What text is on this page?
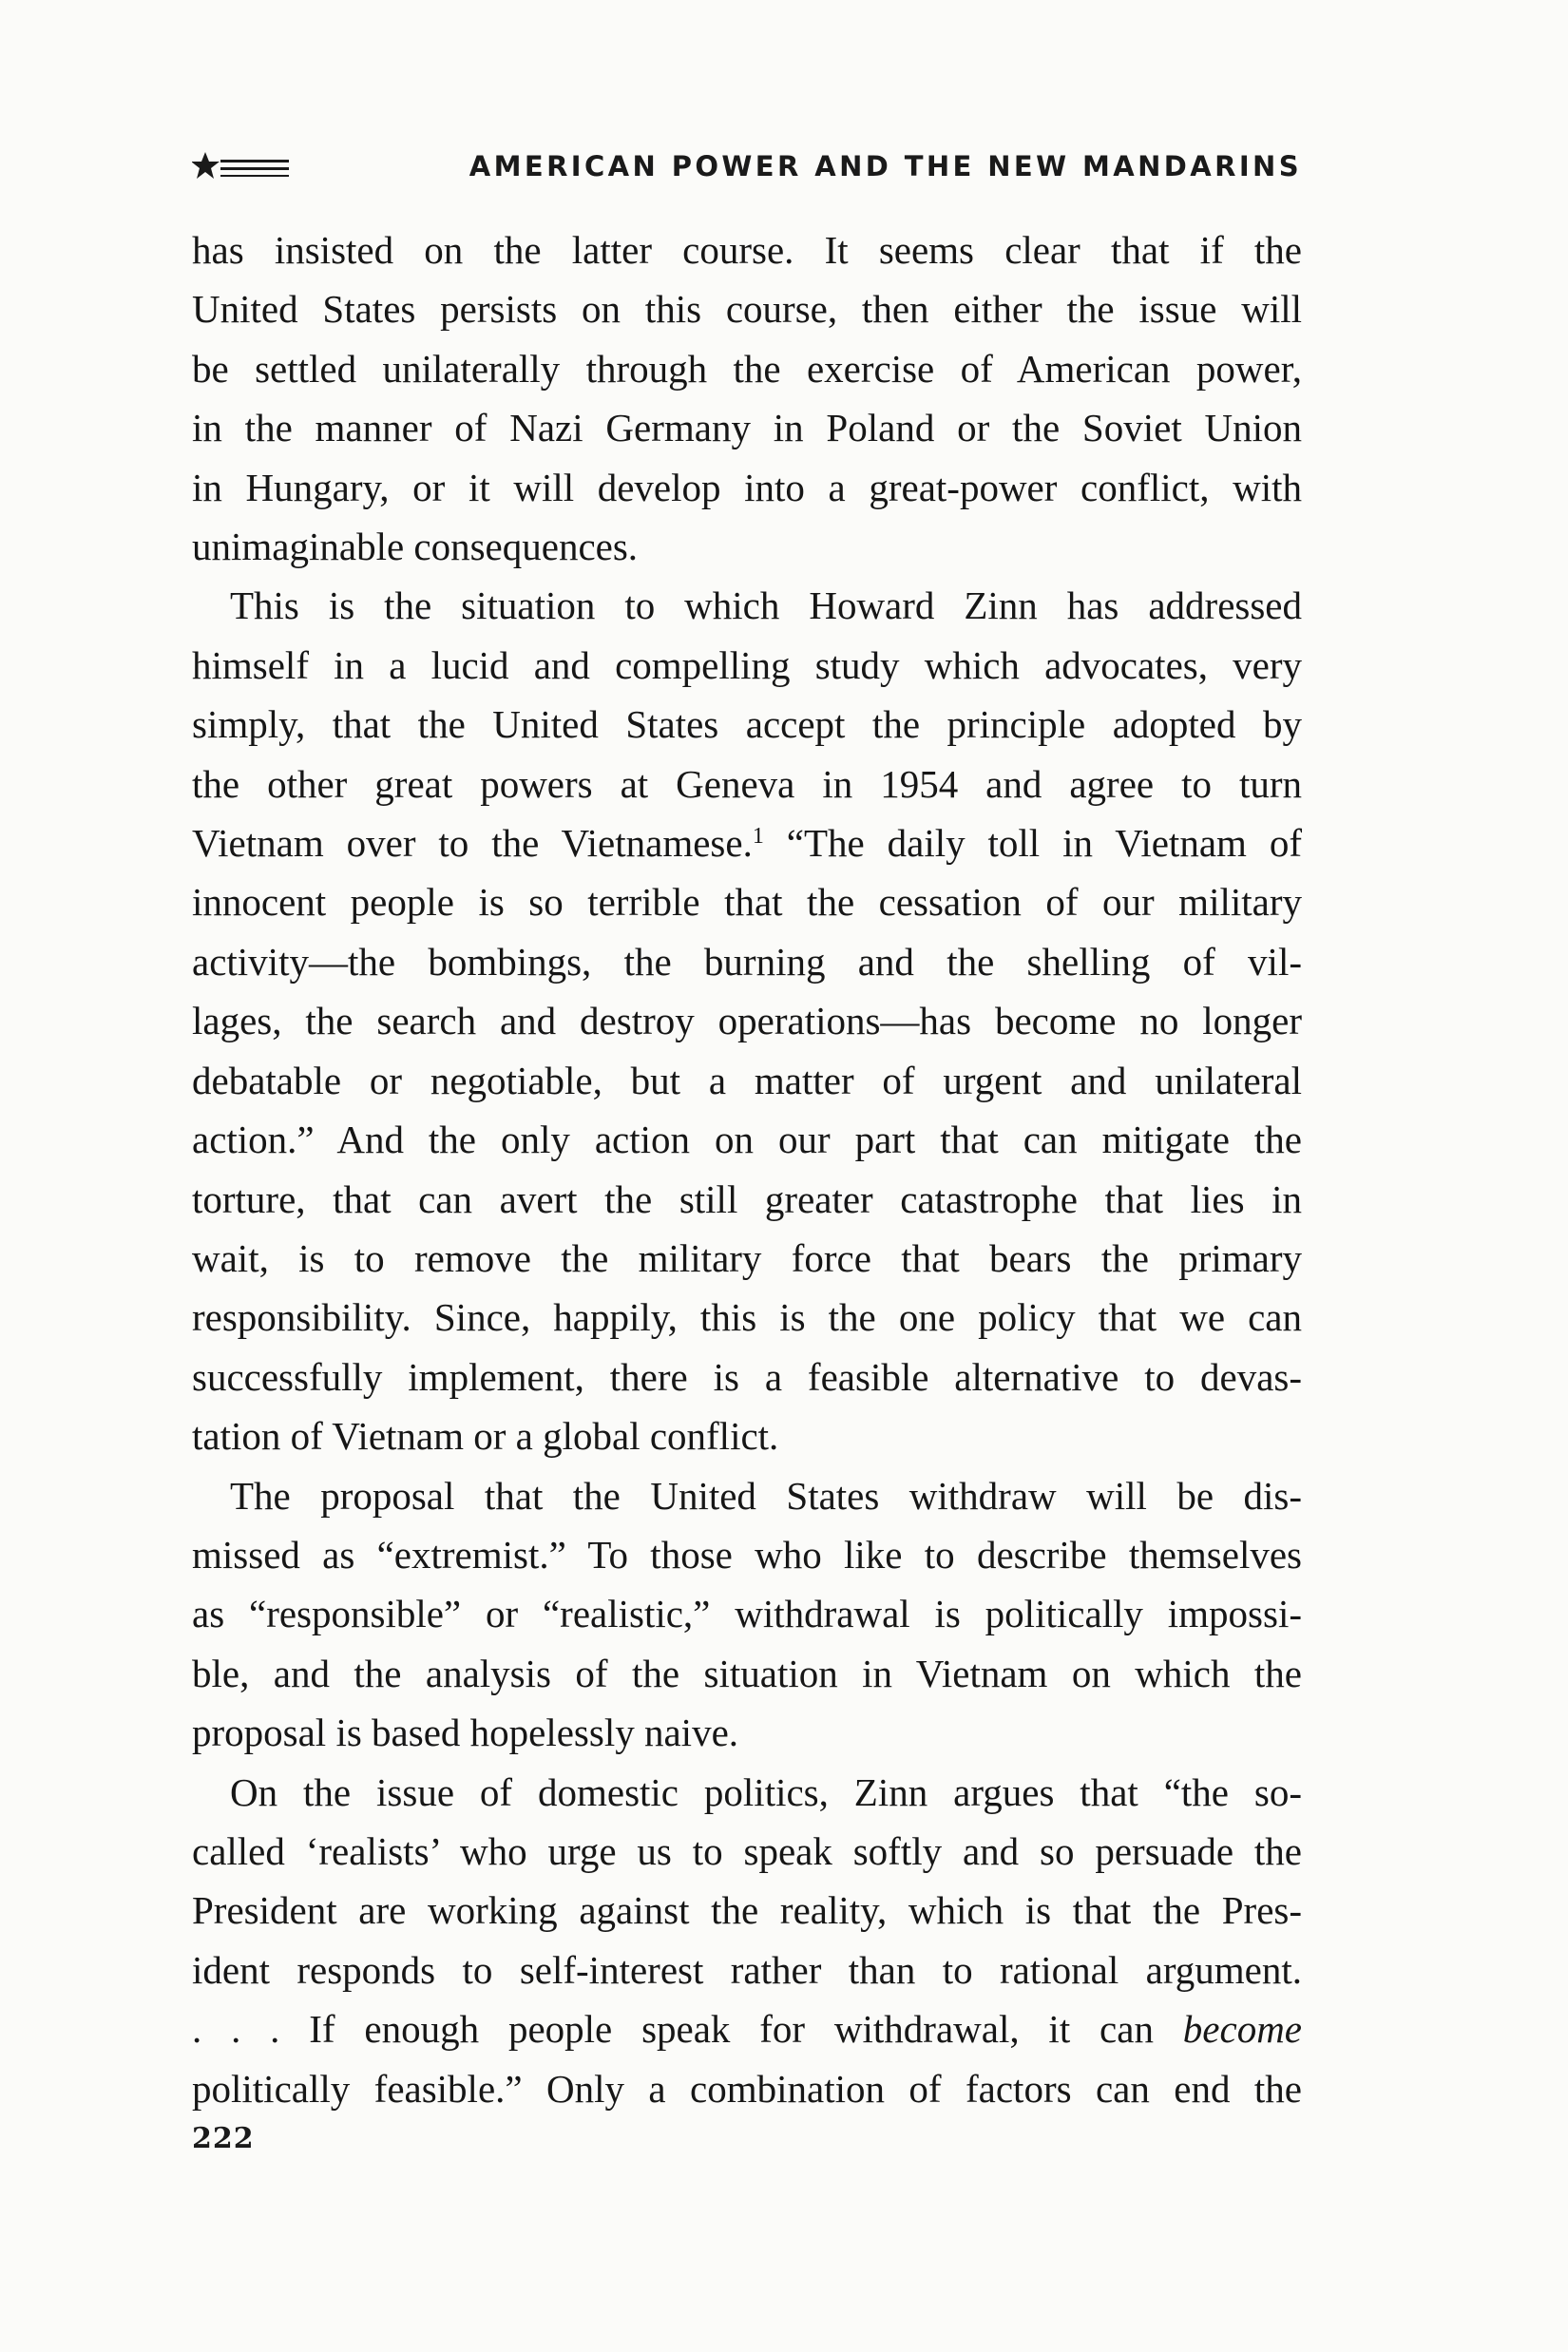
AMERICAN POWER AND THE NEW MANDARINS

has insisted on the latter course. It seems clear that if the
United States persists on this course, then either the issue will
be settled unilaterally through the exercise of American power,
in the manner of Nazi Germany in Poland or the Soviet Union
in Hungary, or it will develop into a great-power conflict, with
unimaginable consequences.

This is the situation to which Howard Zinn has addressed
himself in a lucid and compelling study which advocates, very
simply, that the United States accept the principle adopted by
the other great powers at Geneva in 1954 and agree to turn
Vietnam over to the Vietnamese.$^1$ “The daily toll in Vietnam of
innocent people is so terrible that the cessation of our military
activity—the bombings, the burning and the shelling of vil-
lages, the search and destroy operations—has become no longer
debatable or negotiable, but a matter of urgent and unilateral
action.” And the only action on our part that can mitigate the
torture, that can avert the still greater catastrophe that lies in
wait, is to remove the military force that bears the primary
responsibility. Since, happily, this is the one policy that we can
successfully implement, there is a feasible alternative to devas-
tation of Vietnam or a global conflict.

The proposal that the United States withdraw will be dis-
missed as “extremist.” To those who like to describe themselves
as “responsible” or “realistic,” withdrawal is politically impossi-
ble, and the analysis of the situation in Vietnam on which the
proposal is based hopelessly naive.

On the issue of domestic politics, Zinn argues that “the so-
called ‘realists’ who urge us to speak softly and so persuade the
President are working against the reality, which is that the Pres-
ident responds to self-interest rather than to rational argument.
. . . If enough people speak for withdrawal, it can become
politically feasible.” Only a combination of factors can end the

222
